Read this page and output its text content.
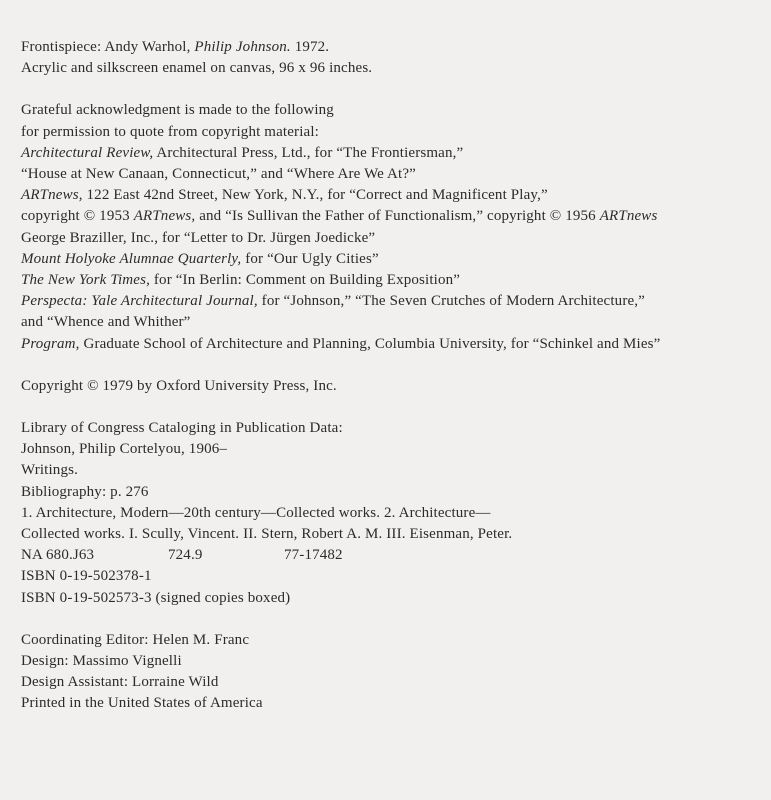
Frontispiece: Andy Warhol, Philip Johnson. 1972.
Acrylic and silkscreen enamel on canvas, 96 x 96 inches.
Grateful acknowledgment is made to the following
for permission to quote from copyright material:
Architectural Review, Architectural Press, Ltd., for “The Frontiersman,”
“House at New Canaan, Connecticut,” and “Where Are We At?”
ARTnews, 122 East 42nd Street, New York, N.Y., for “Correct and Magnificent Play,”
copyright © 1953 ARTnews, and “Is Sullivan the Father of Functionalism,” copyright © 1956 ARTnews
George Braziller, Inc., for “Letter to Dr. Jürgen Joedicke”
Mount Holyoke Alumnae Quarterly, for “Our Ugly Cities”
The New York Times, for “In Berlin: Comment on Building Exposition”
Perspecta: Yale Architectural Journal, for “Johnson,” “The Seven Crutches of Modern Architecture,”
and “Whence and Whither”
Program, Graduate School of Architecture and Planning, Columbia University, for “Schinkel and Mies”
Copyright © 1979 by Oxford University Press, Inc.
Library of Congress Cataloging in Publication Data:
Johnson, Philip Cortelyou, 1906–
Writings.
Bibliography: p. 276
1. Architecture, Modern—20th century—Collected works. 2. Architecture—
Collected works. I. Scully, Vincent. II. Stern, Robert A. M. III. Eisenman, Peter.
NA 680.J63	724.9	77-17482
ISBN 0-19-502378-1
ISBN 0-19-502573-3 (signed copies boxed)
Coordinating Editor: Helen M. Franc
Design: Massimo Vignelli
Design Assistant: Lorraine Wild
Printed in the United States of America
